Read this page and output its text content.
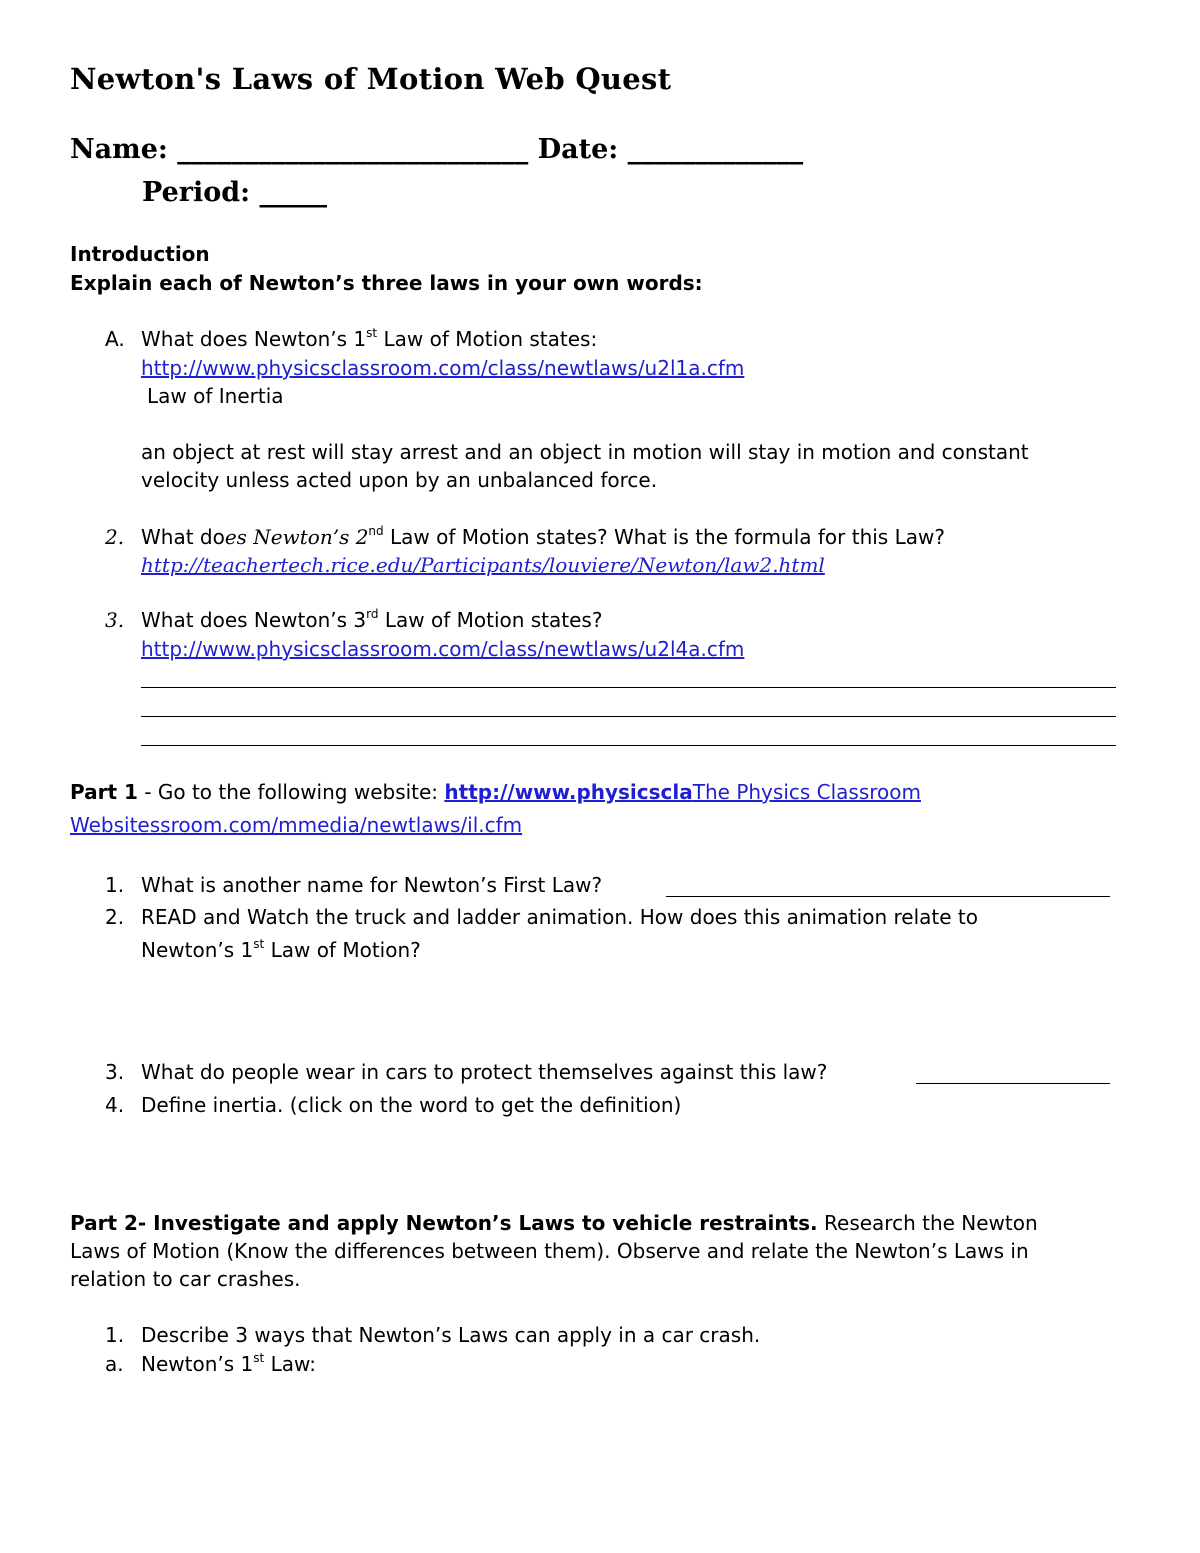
Newton's Laws of Motion Web Quest
Name: __________________________ Date: _____________
Period: _____
Introduction
Explain each of Newton’s three laws in your own words:
A. What does Newton’s 1st Law of Motion states:
http://www.physicsclassroom.com/class/newtlaws/u2l1a.cfm
Law of Inertia
an object at rest will stay arrest and an object in motion will stay in motion and constant
velocity unless acted upon by an unbalanced force.
2. What does Newton’s 2nd Law of Motion states? What is the formula for this Law?
http://teachertech.rice.edu/Participants/louviere/Newton/law2.html
3. What does Newton’s 3rd Law of Motion states?
http://www.physicsclassroom.com/class/newtlaws/u2l4a.cfm
Part 1 - Go to the following website: http://www.physicsclaThe Physics Classroom
Websitessroom.com/mmedia/newtlaws/il.cfm
1. What is another name for Newton’s First Law?
2. READ and Watch the truck and ladder animation. How does this animation relate to
Newton’s 1st Law of Motion?
3. What do people wear in cars to protect themselves against this law?
4. Define inertia. (click on the word to get the definition)
Part 2- Investigate and apply Newton’s Laws to vehicle restraints. Research the Newton
Laws of Motion (Know the differences between them). Observe and relate the Newton’s Laws in
relation to car crashes.
1. Describe 3 ways that Newton’s Laws can apply in a car crash.
a. Newton’s 1st Law:
